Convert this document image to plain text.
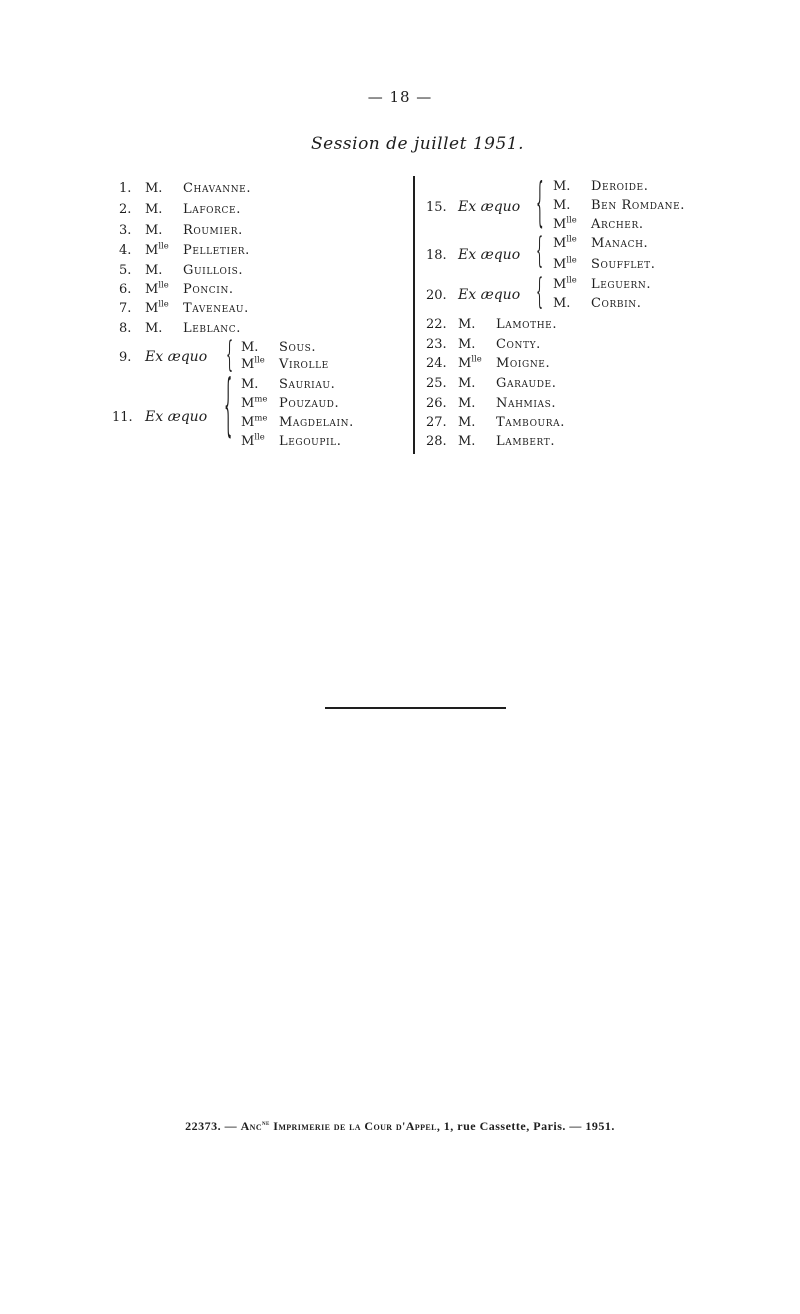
— 18 —
Session de juillet 1951.
1. M. Chavanne.
2. M. Laforce.
3. M. Roumier.
4. $M^{lle}$ Pelletier.
5. M. Guillois.
6. $M^{lle}$ Poncin.
7. $M^{lle}$ Taveneau.
8. M. Leblanc.
9. Ex æquo { M. Sous.
$M^{lle}$ Virolle
11. Ex æquo { M. Sauriau.
$M^{me}$ Pouzaud.
$M^{me}$ Magdelain.
$M^{lle}$ Legoupil.
15. Ex æquo { M. Deroide.
M. Ben Romdane.
$M^{lle}$ Archer.
18. Ex æquo { $M^{lle}$ Manach.
$M^{lle}$ Soufflet.
20. Ex æquo { $M^{lle}$ Leguern.
M. Corbin.
22. M. Lamothe.
23. M. Conty.
24. $M^{lle}$ Moigne.
25. M. Garaude.
26. M. Nahmias.
27. M. Tamboura.
28. M. Lambert.
22373. — Anc$^{ne}$ Imprimerie de la Cour d'Appel, 1, rue Cassette, Paris. — 1951.
